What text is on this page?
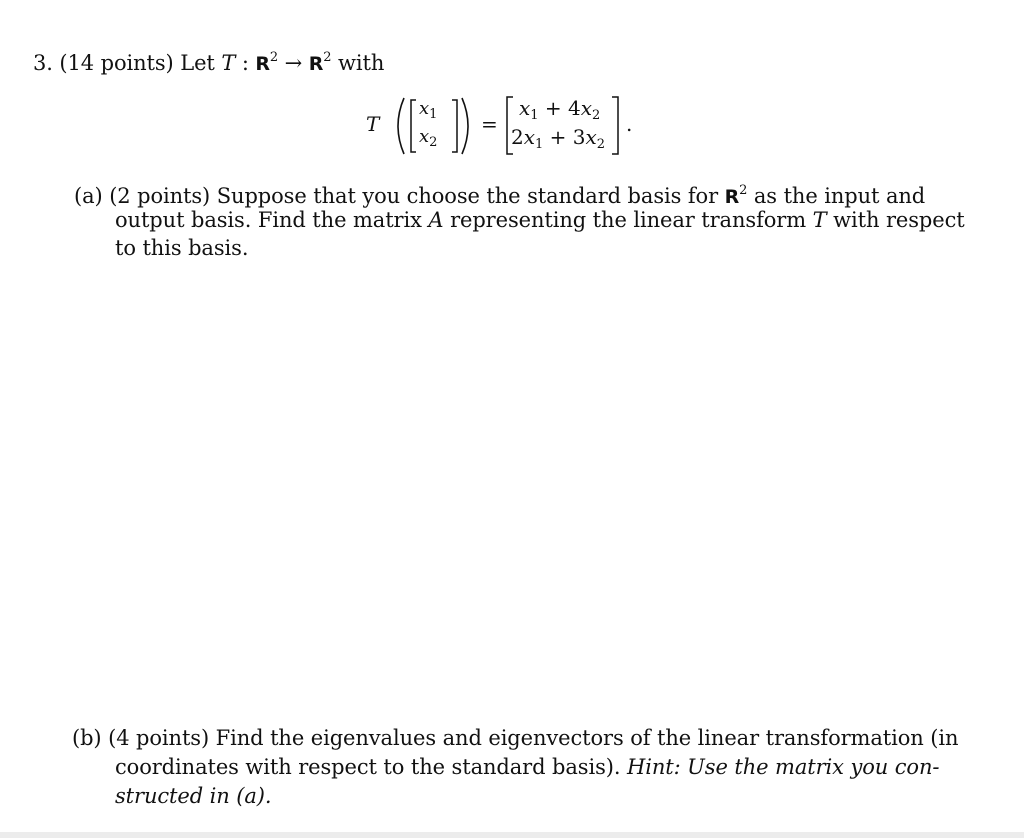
3. (14 points) Let T : $R^2 \to R^2$ with
T
$x_1$
$x_2$
=
$x_1 + 4x_2$
$2x_1 + 3x_2$
.
(a) (2 points) Suppose that you choose the standard basis for $R^2$ as the input and
output basis. Find the matrix A representing the linear transform T with respect
to this basis.
(b) (4 points) Find the eigenvalues and eigenvectors of the linear transformation (in
coordinates with respect to the standard basis). Hint: Use the matrix you con-
structed in (a).
